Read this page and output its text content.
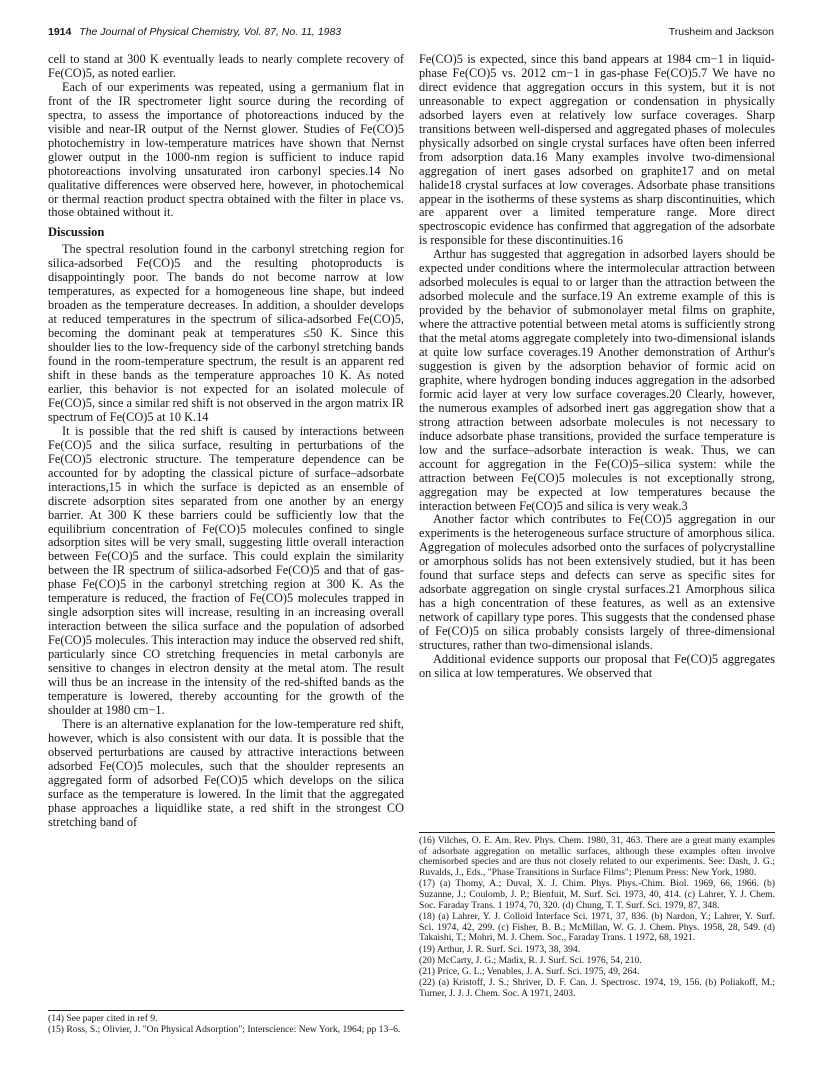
1914 The Journal of Physical Chemistry, Vol. 87, No. 11, 1983	Trusheim and Jackson

cell to stand at 300 K eventually leads to nearly complete recovery of Fe(CO)5, as noted earlier.

Each of our experiments was repeated, using a germanium flat in front of the IR spectrometer light source during the recording of spectra, to assess the importance of photoreactions induced by the visible and near-IR output of the Nernst glower. Studies of Fe(CO)5 photochemistry in low-temperature matrices have shown that Nernst glower output in the 1000-nm region is sufficient to induce rapid photoreactions involving unsaturated iron carbonyl species.14 No qualitative differences were observed here, however, in photochemical or thermal reaction product spectra obtained with the filter in place vs. those obtained without it.

Discussion

The spectral resolution found in the carbonyl stretching region for silica-adsorbed Fe(CO)5 and the resulting photoproducts is disappointingly poor. The bands do not become narrow at low temperatures, as expected for a homogeneous line shape, but indeed broaden as the temperature decreases. In addition, a shoulder develops at reduced temperatures in the spectrum of silica-adsorbed Fe(CO)5, becoming the dominant peak at temperatures ≤50 K. Since this shoulder lies to the low-frequency side of the carbonyl stretching bands found in the room-temperature spectrum, the result is an apparent red shift in these bands as the temperature approaches 10 K. As noted earlier, this behavior is not expected for an isolated molecule of Fe(CO)5, since a similar red shift is not observed in the argon matrix IR spectrum of Fe(CO)5 at 10 K.14

It is possible that the red shift is caused by interactions between Fe(CO)5 and the silica surface, resulting in perturbations of the Fe(CO)5 electronic structure. The temperature dependence can be accounted for by adopting the classical picture of surface–adsorbate interactions,15 in which the surface is depicted as an ensemble of discrete adsorption sites separated from one another by an energy barrier. At 300 K these barriers could be sufficiently low that the equilibrium concentration of Fe(CO)5 molecules confined to single adsorption sites will be very small, suggesting little overall interaction between Fe(CO)5 and the surface. This could explain the similarity between the IR spectrum of siilica-adsorbed Fe(CO)5 and that of gas-phase Fe(CO)5 in the carbonyl stretching region at 300 K. As the temperature is reduced, the fraction of Fe(CO)5 molecules trapped in single adsorption sites will increase, resulting in an increasing overall interaction between the silica surface and the population of adsorbed Fe(CO)5 molecules. This interaction may induce the observed red shift, particularly since CO stretching frequencies in metal carbonyls are sensitive to changes in electron density at the metal atom. The result will thus be an increase in the intensity of the red-shifted bands as the temperature is lowered, thereby accounting for the growth of the shoulder at 1980 cm−1.

There is an alternative explanation for the low-temperature red shift, however, which is also consistent with our data. It is possible that the observed perturbations are caused by attractive interactions between adsorbed Fe(CO)5 molecules, such that the shoulder represents an aggregated form of adsorbed Fe(CO)5 which develops on the silica surface as the temperature is lowered. In the limit that the aggregated phase approaches a liquidlike state, a red shift in the strongest CO stretching band of

Fe(CO)5 is expected, since this band appears at 1984 cm−1 in liquid-phase Fe(CO)5 vs. 2012 cm−1 in gas-phase Fe(CO)5.7 We have no direct evidence that aggregation occurs in this system, but it is not unreasonable to expect aggregation or condensation in physically adsorbed layers even at relatively low surface coverages. Sharp transitions between well-dispersed and aggregated phases of molecules physically adsorbed on single crystal surfaces have often been inferred from adsorption data.16 Many examples involve two-dimensional aggregation of inert gases adsorbed on graphite17 and on metal halide18 crystal surfaces at low coverages. Adsorbate phase transitions appear in the isotherms of these systems as sharp discontinuities, which are apparent over a limited temperature range. More direct spectroscopic evidence has confirmed that aggregation of the adsorbate is responsible for these discontinuities.16

Arthur has suggested that aggregation in adsorbed layers should be expected under conditions where the intermolecular attraction between adsorbed molecules is equal to or larger than the attraction between the adsorbed molecule and the surface.19 An extreme example of this is provided by the behavior of submonolayer metal films on graphite, where the attractive potential between metal atoms is sufficiently strong that the metal atoms aggregate completely into two-dimensional islands at quite low surface coverages.19 Another demonstration of Arthur's suggestion is given by the adsorption behavior of formic acid on graphite, where hydrogen bonding induces aggregation in the adsorbed formic acid layer at very low surface coverages.20 Clearly, however, the numerous examples of adsorbed inert gas aggregation show that a strong attraction between adsorbate molecules is not necessary to induce adsorbate phase transitions, provided the surface temperature is low and the surface–adsorbate interaction is weak. Thus, we can account for aggregation in the Fe(CO)5–silica system: while the attraction between Fe(CO)5 molecules is not exceptionally strong, aggregation may be expected at low temperatures because the interaction between Fe(CO)5 and silica is very weak.3

Another factor which contributes to Fe(CO)5 aggregation in our experiments is the heterogeneous surface structure of amorphous silica. Aggregation of molecules adsorbed onto the surfaces of polycrystalline or amorphous solids has not been extensively studied, but it has been found that surface steps and defects can serve as specific sites for adsorbate aggregation on single crystal surfaces.21 Amorphous silica has a high concentration of these features, as well as an extensive network of capillary type pores. This suggests that the condensed phase of Fe(CO)5 on silica probably consists largely of three-dimensional structures, rather than two-dimensional islands.

Additional evidence supports our proposal that Fe(CO)5 aggregates on silica at low temperatures. We observed that

(14) See paper cited in ref 9.

(15) Ross, S.; Olivier, J. "On Physical Adsorption"; Interscience: New York, 1964; pp 13–6.

(16) Vilches, O. E. Am. Rev. Phys. Chem. 1980, 31, 463. There are a great many examples of adsorbate aggregation on metallic surfaces, although these examples often involve chemisorbed species and are thus not closely related to our experiments. See: Dash, J. G.; Ruvalds, J., Eds., "Phase Transitions in Surface Films"; Plenum Press: New York, 1980.

(17) (a) Thomy, A.; Duval, X. J. Chim. Phys. Phys.-Chim. Biol. 1969, 66, 1966. (b) Suzanne, J.; Coulomb, J. P.; Bienfuit, M. Surf. Sci. 1973, 40, 414. (c) Lahrer, Y. J. Chem. Soc. Faraday Trans. 1 1974, 70, 320. (d) Chung, T. T. Surf. Sci. 1979, 87, 348.

(18) (a) Lahrer, Y. J. Colloid Interface Sci. 1971, 37, 836. (b) Nardon, Y.; Lahrer, Y. Surf. Sci. 1974, 42, 299. (c) Fisher, B. B.; McMillan, W. G. J. Chem. Phys. 1958, 28, 549. (d) Takaishi, T.; Mohri, M. J. Chem. Soc., Faraday Trans. 1 1972, 68, 1921.

(19) Arthur, J. R. Surf. Sci. 1973, 38, 394.

(20) McCarty, J. G.; Madix, R. J. Surf. Sci. 1976, 54, 210.

(21) Price, G. L.; Venables, J. A. Surf. Sci. 1975, 49, 264.

(22) (a) Kristoff, J. S.; Shriver, D. F. Can. J. Spectrosc. 1974, 19, 156. (b) Poliakoff, M.; Turner, J. J. J. Chem. Soc. A 1971, 2403.
